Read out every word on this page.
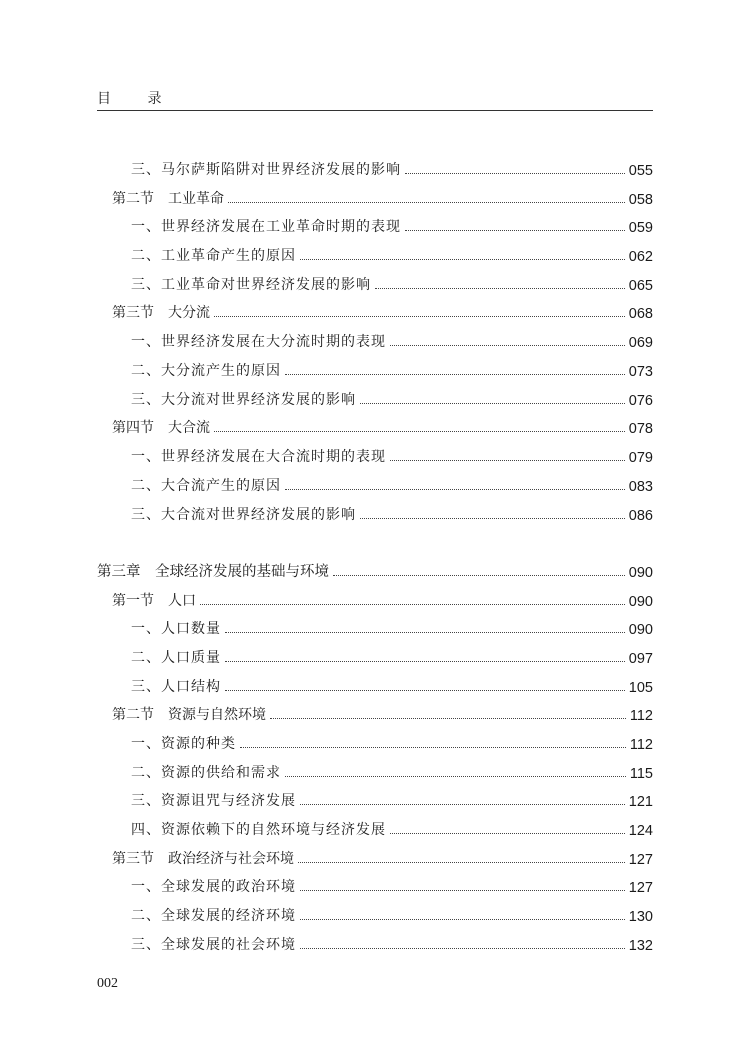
目 录
三、马尔萨斯陷阱对世界经济发展的影响	055
第二节　工业革命	058
一、世界经济发展在工业革命时期的表现	059
二、工业革命产生的原因	062
三、工业革命对世界经济发展的影响	065
第三节　大分流	068
一、世界经济发展在大分流时期的表现	069
二、大分流产生的原因	073
三、大分流对世界经济发展的影响	076
第四节　大合流	078
一、世界经济发展在大合流时期的表现	079
二、大合流产生的原因	083
三、大合流对世界经济发展的影响	086
第三章　全球经济发展的基础与环境	090
第一节　人口	090
一、人口数量	090
二、人口质量	097
三、人口结构	105
第二节　资源与自然环境	112
一、资源的种类	112
二、资源的供给和需求	115
三、资源诅咒与经济发展	121
四、资源依赖下的自然环境与经济发展	124
第三节　政治经济与社会环境	127
一、全球发展的政治环境	127
二、全球发展的经济环境	130
三、全球发展的社会环境	132
002
